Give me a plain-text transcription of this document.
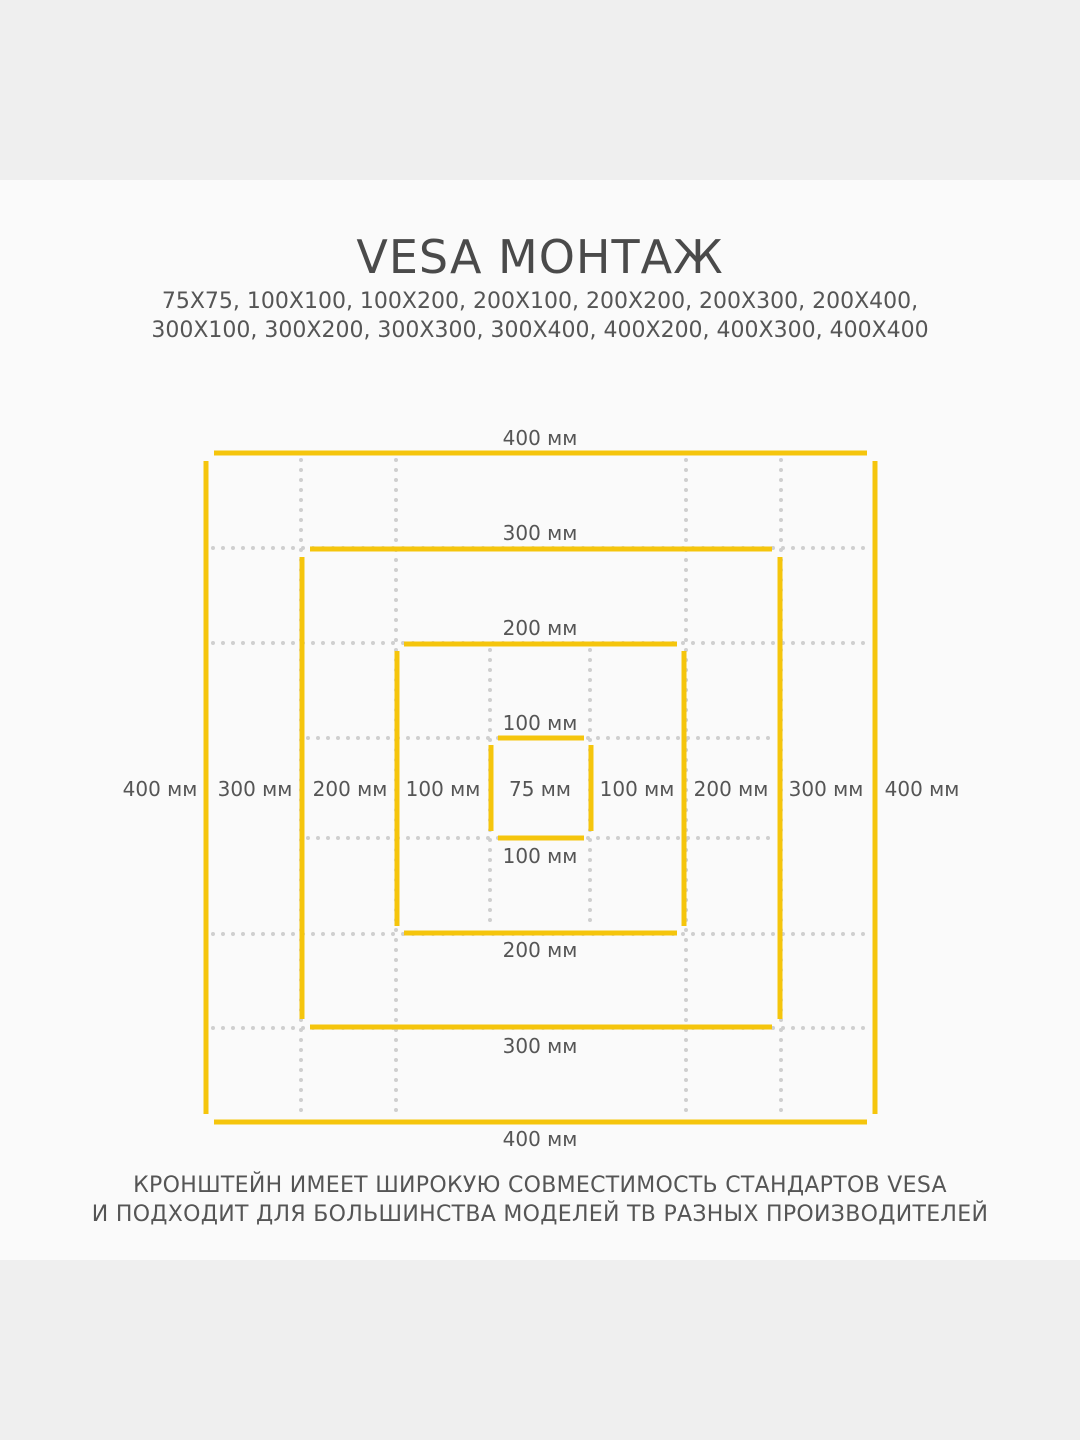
VESA МОНТАЖ
75X75, 100X100, 100X200, 200X100, 200X200, 200X300, 200X400,
300X100, 300X200, 300X300, 300X400, 400X200, 400X300, 400X400
400 мм
400 мм
400 мм	400 мм
300 мм
300 мм
300 мм	300 мм
200 мм
200 мм
200 мм	200 мм
100 мм
100 мм
100 мм	100 мм
75 мм
КРОНШТЕЙН ИМЕЕТ ШИРОКУЮ СОВМЕСТИМОСТЬ СТАНДАРТОВ VESA
И ПОДХОДИТ ДЛЯ БОЛЬШИНСТВА МОДЕЛЕЙ ТВ РАЗНЫХ ПРОИЗВОДИТЕЛЕЙ
